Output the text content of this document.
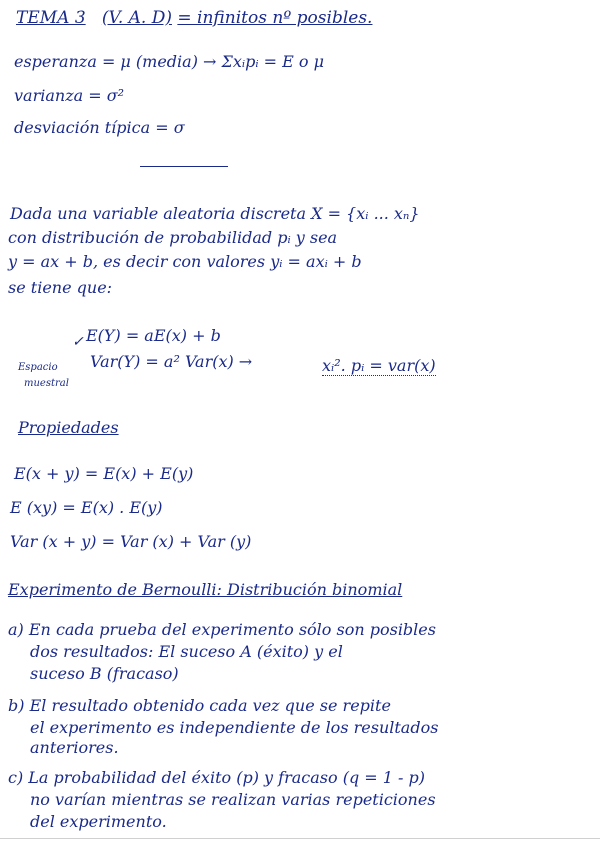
TEMA 3 (V. A. D) = infinitos nº posibles.
esperanza = μ (media) → Σxᵢpᵢ = E o μ
varianza = σ²
desviación típica = σ
Dada una variable aleatoria discreta X = {xᵢ ... xₙ}
con distribución de probabilidad pᵢ y sea
y = ax + b, es decir con valores yᵢ = axᵢ + b
se tiene que:
E(Y) = aE(x) + b
✓
Var(Y) = a² Var(x) →	xᵢ². pᵢ = var(x)
Espacio
muestral
Propiedades
E(x + y) = E(x) + E(y)
E (xy) = E(x) . E(y)
Var (x + y) = Var (x) + Var (y)
Experimento de Bernoulli: Distribución binomial
a) En cada prueba del experimento sólo son posibles
dos resultados: El suceso A (éxito) y el
suceso B (fracaso)
b) El resultado obtenido cada vez que se repite
el experimento es independiente de los resultados
anteriores.
c) La probabilidad del éxito (p) y fracaso (q = 1 - p)
no varían mientras se realizan varias repeticiones
del experimento.
